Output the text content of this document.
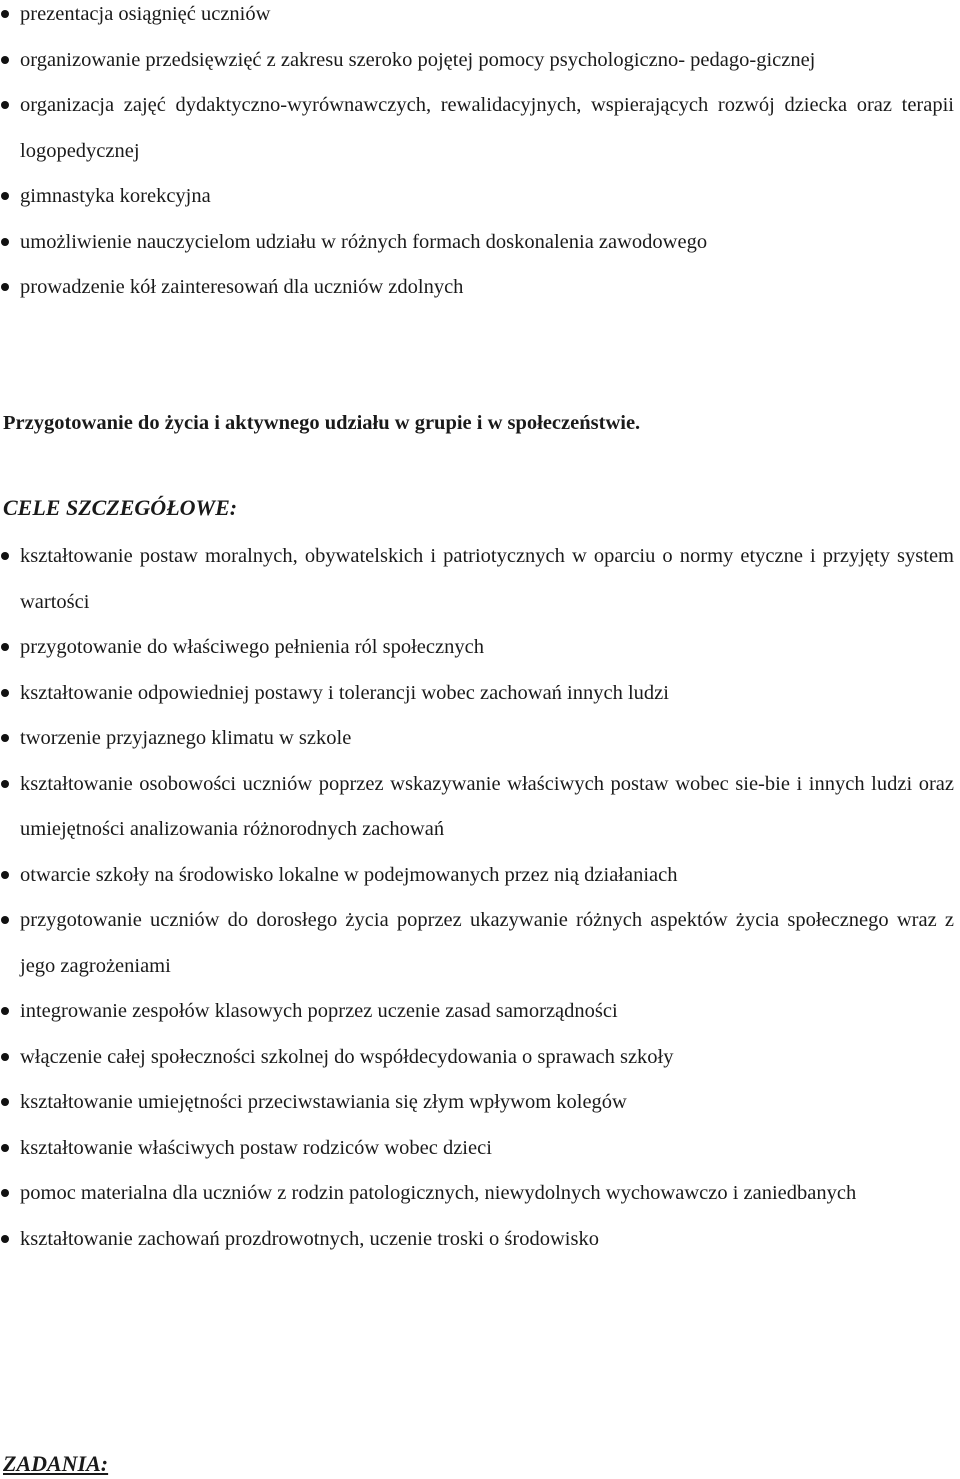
prezentacja osiągnięć uczniów
organizowanie przedsięwzięć z zakresu szeroko pojętej pomocy psychologiczno- pedago-gicznej
organizacja zajęć dydaktyczno-wyrównawczych, rewalidacyjnych, wspierających rozwój dziecka oraz terapii logopedycznej
gimnastyka korekcyjna
umożliwienie nauczycielom udziału w różnych formach doskonalenia zawodowego
prowadzenie kół zainteresowań dla uczniów zdolnych
Przygotowanie do życia i aktywnego udziału w grupie i w społeczeństwie.
CELE SZCZEGÓŁOWE:
kształtowanie postaw moralnych, obywatelskich i patriotycznych w oparciu o normy etyczne i przyjęty system wartości
przygotowanie do właściwego pełnienia ról społecznych
kształtowanie odpowiedniej postawy i tolerancji wobec zachowań innych ludzi
tworzenie przyjaznego klimatu w szkole
kształtowanie osobowości uczniów poprzez wskazywanie właściwych postaw wobec sie-bie i innych ludzi oraz umiejętności analizowania różnorodnych zachowań
otwarcie szkoły na środowisko lokalne w podejmowanych przez nią działaniach
przygotowanie uczniów do dorosłego życia poprzez ukazywanie różnych aspektów życia społecznego wraz z jego zagrożeniami
integrowanie zespołów klasowych poprzez uczenie zasad samorządności
włączenie całej społeczności szkolnej do współdecydowania o sprawach szkoły
kształtowanie umiejętności przeciwstawiania się złym wpływom kolegów
kształtowanie właściwych postaw rodziców wobec dzieci
pomoc materialna dla uczniów z rodzin patologicznych, niewydolnych wychowawczo i zaniedbanych
kształtowanie zachowań prozdrowotnych, uczenie troski o środowisko
ZADANIA:
